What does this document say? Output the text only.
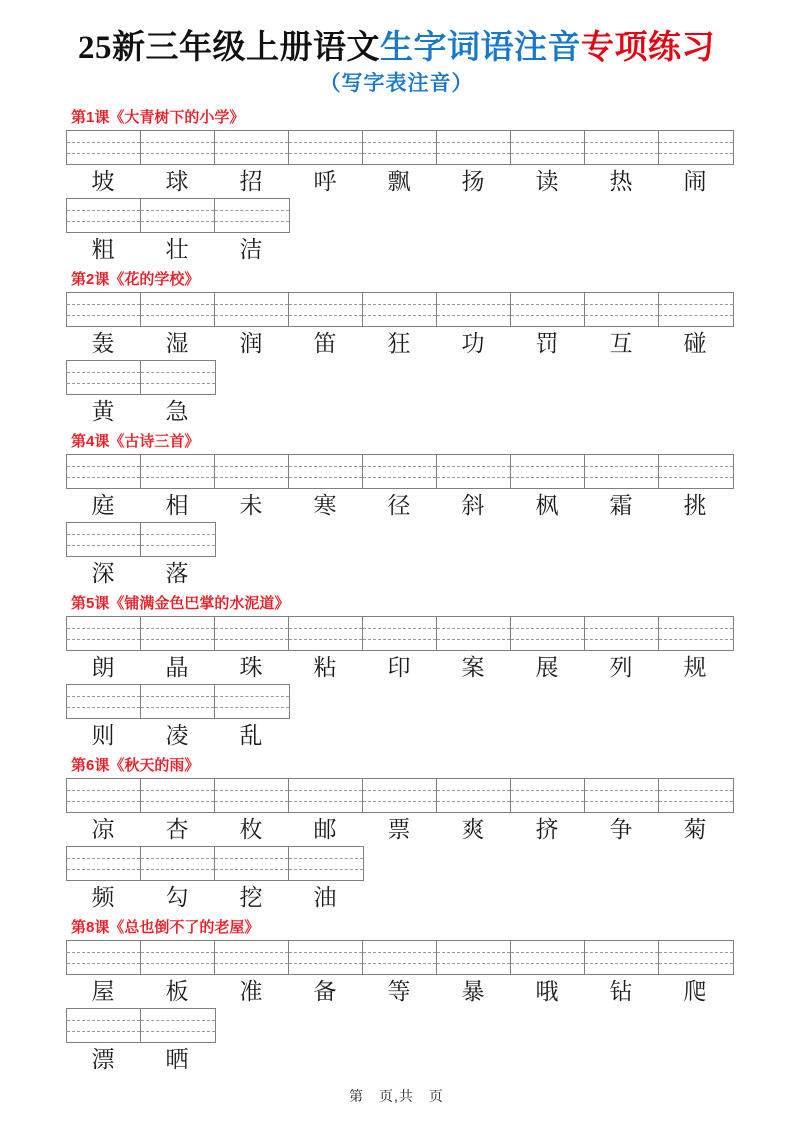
25新三年级上册语文生字词语注音专项练习
（写字表注音）
第1课《大青树下的小学》
坡	球	招	呼	飘	扬	读	热	闹
粗	壮	洁
第2课《花的学校》
轰	湿	润	笛	狂	功	罚	互	碰
黄	急
第4课《古诗三首》
庭	相	未	寒	径	斜	枫	霜	挑
深	落
第5课《铺满金色巴掌的水泥道》
朗	晶	珠	粘	印	案	展	列	规
则	凌	乱
第6课《秋天的雨》
凉	杏	枚	邮	票	爽	挤	争	菊
频	勾	挖	油
第8课《总也倒不了的老屋》
屋	板	准	备	等	暴	哦	钻	爬
漂	晒
第　页,共　页
